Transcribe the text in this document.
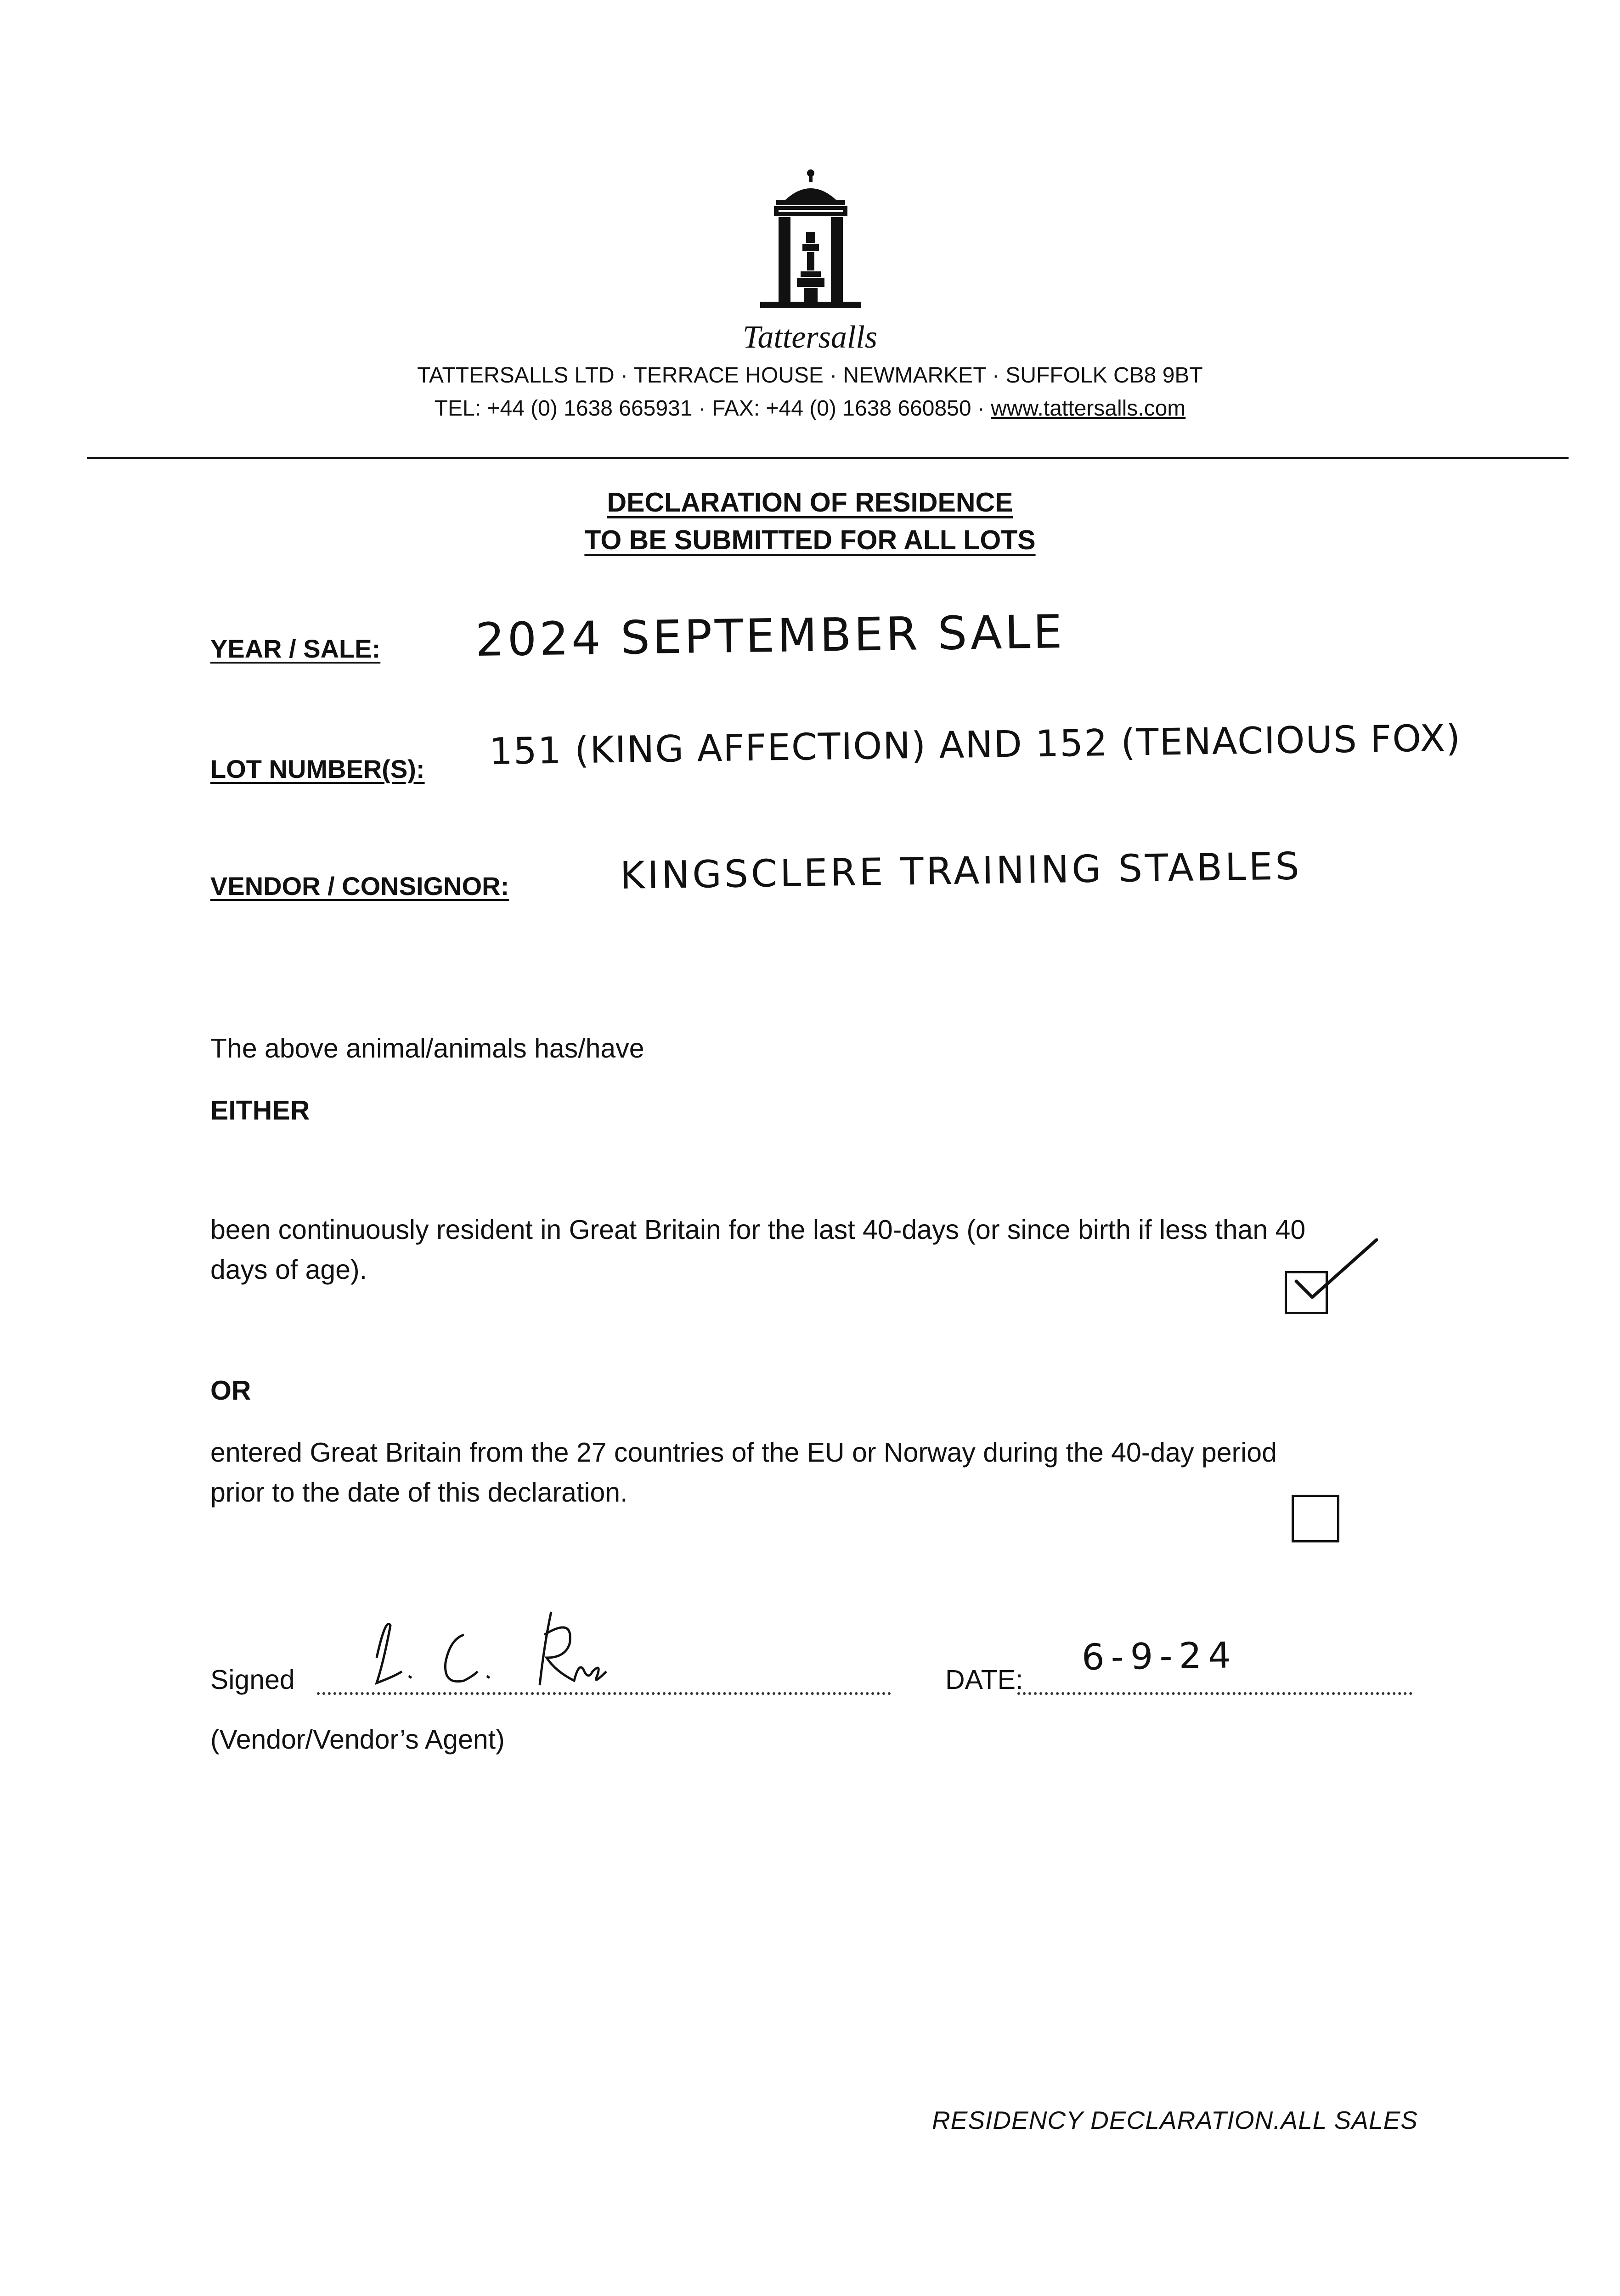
Tattersalls
TATTERSALLS LTD · TERRACE HOUSE · NEWMARKET · SUFFOLK CB8 9BT
TEL: +44 (0) 1638 665931 · FAX: +44 (0) 1638 660850 · www.tattersalls.com
DECLARATION OF RESIDENCE
TO BE SUBMITTED FOR ALL LOTS
YEAR / SALE: 2024 SEPTEMBER SALE
LOT NUMBER(S): 151 (KING AFFECTION) AND 152 (TENACIOUS FOX)
VENDOR / CONSIGNOR:	KINGSCLERE TRAINING STABLES
The above animal/animals has/have
EITHER
been continuously resident in Great Britain for the last 40-days (or since birth if less than 40
days of age).
OR
entered Great Britain from the 27 countries of the EU or Norway during the 40-day period
prior to the date of this declaration.
Signed	DATE:
6-9-24
(Vendor/Vendor’s Agent)
RESIDENCY DECLARATION.ALL SALES
